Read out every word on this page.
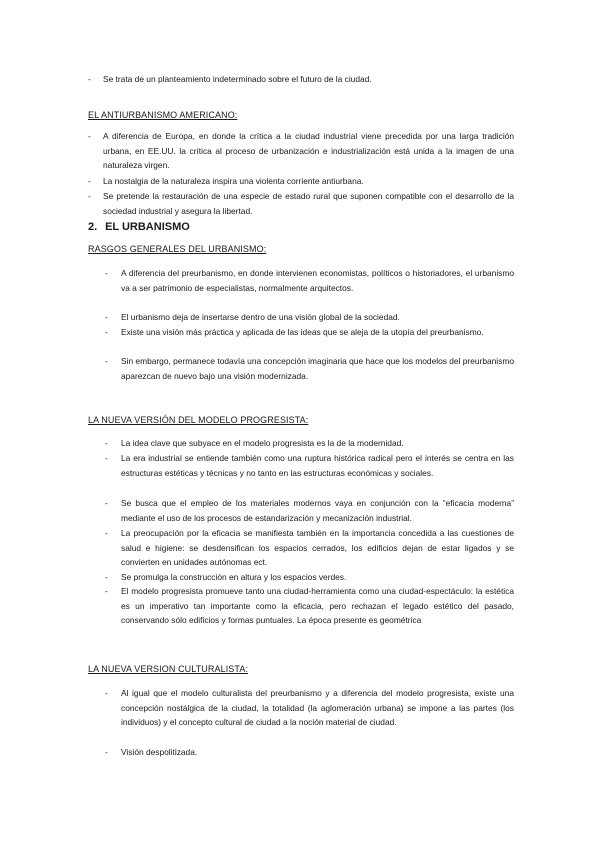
-	Se trata de un planteamiento indeterminado sobre el futuro de la ciudad.
EL ANTIURBANISMO AMERICANO:
-	A diferencia de Europa, en donde la crítica a la ciudad industrial viene precedida por una larga tradición urbana, en EE.UU. la crítica al proceso de urbanización e industrialización está unida a la imagen de una naturaleza virgen.
-	La nostalgia de la naturaleza inspira una violenta corriente antiurbana.
-	Se pretende la restauración de una especie de estado rural que suponen compatible con el desarrollo de la sociedad industrial y asegura la libertad.
2. EL URBANISMO
RASGOS GENERALES DEL URBANISMO:
-	A diferencia del preurbanismo, en donde intervienen economistas, políticos o historiadores, el urbanismo va a ser patrimonio de especialistas, normalmente arquitectos.
-	El urbanismo deja de insertarse dentro de una visión global de la sociedad.
-	Existe una visión más práctica y aplicada de las ideas que se aleja de la utopía del preurbanismo.
-	Sin embargo, permanece todavía una concepción imaginaria que hace que los modelos del preurbanismo aparezcan de nuevo bajo una visión modernizada.
LA NUEVA VERSIÓN DEL MODELO PROGRESISTA:
-	La idea clave que subyace en el modelo progresista es la de la modernidad.
-	La era industrial se entiende también como una ruptura histórica radical pero el interés se centra en las estructuras estéticas y técnicas y no tanto en las estructuras económicas y sociales.
-	Se busca que el empleo de los materiales modernos vaya en conjunción con la “eficacia moderna” mediante el uso de los procesos de estandarización y mecanización industrial.
-	La preocupación por la eficacia se manifiesta también en la importancia concedida a las cuestiones de salud e higiene: se desdensifican los espacios cerrados, los edificios dejan de estar ligados y se convierten en unidades autónomas ect.
-	Se promulga la construcción en altura y los espacios verdes.
-	El modelo progresista promueve tanto una ciudad-herramienta como una ciudad-espectáculo: la estética es un imperativo tan importante como la eficacia, pero rechazan el legado estético del pasado, conservando sólo edificios y formas puntuales. La época presente es geométrica
LA NUEVA VERSION CULTURALISTA:
-	Al igual que el modelo culturalista del preurbanismo y a diferencia del modelo progresista, existe una concepción nostálgica de la ciudad, la totalidad (la aglomeración urbana) se impone a las partes (los individuos) y el concepto cultural de ciudad a la noción material de ciudad.
-	Visión despolitizada.
